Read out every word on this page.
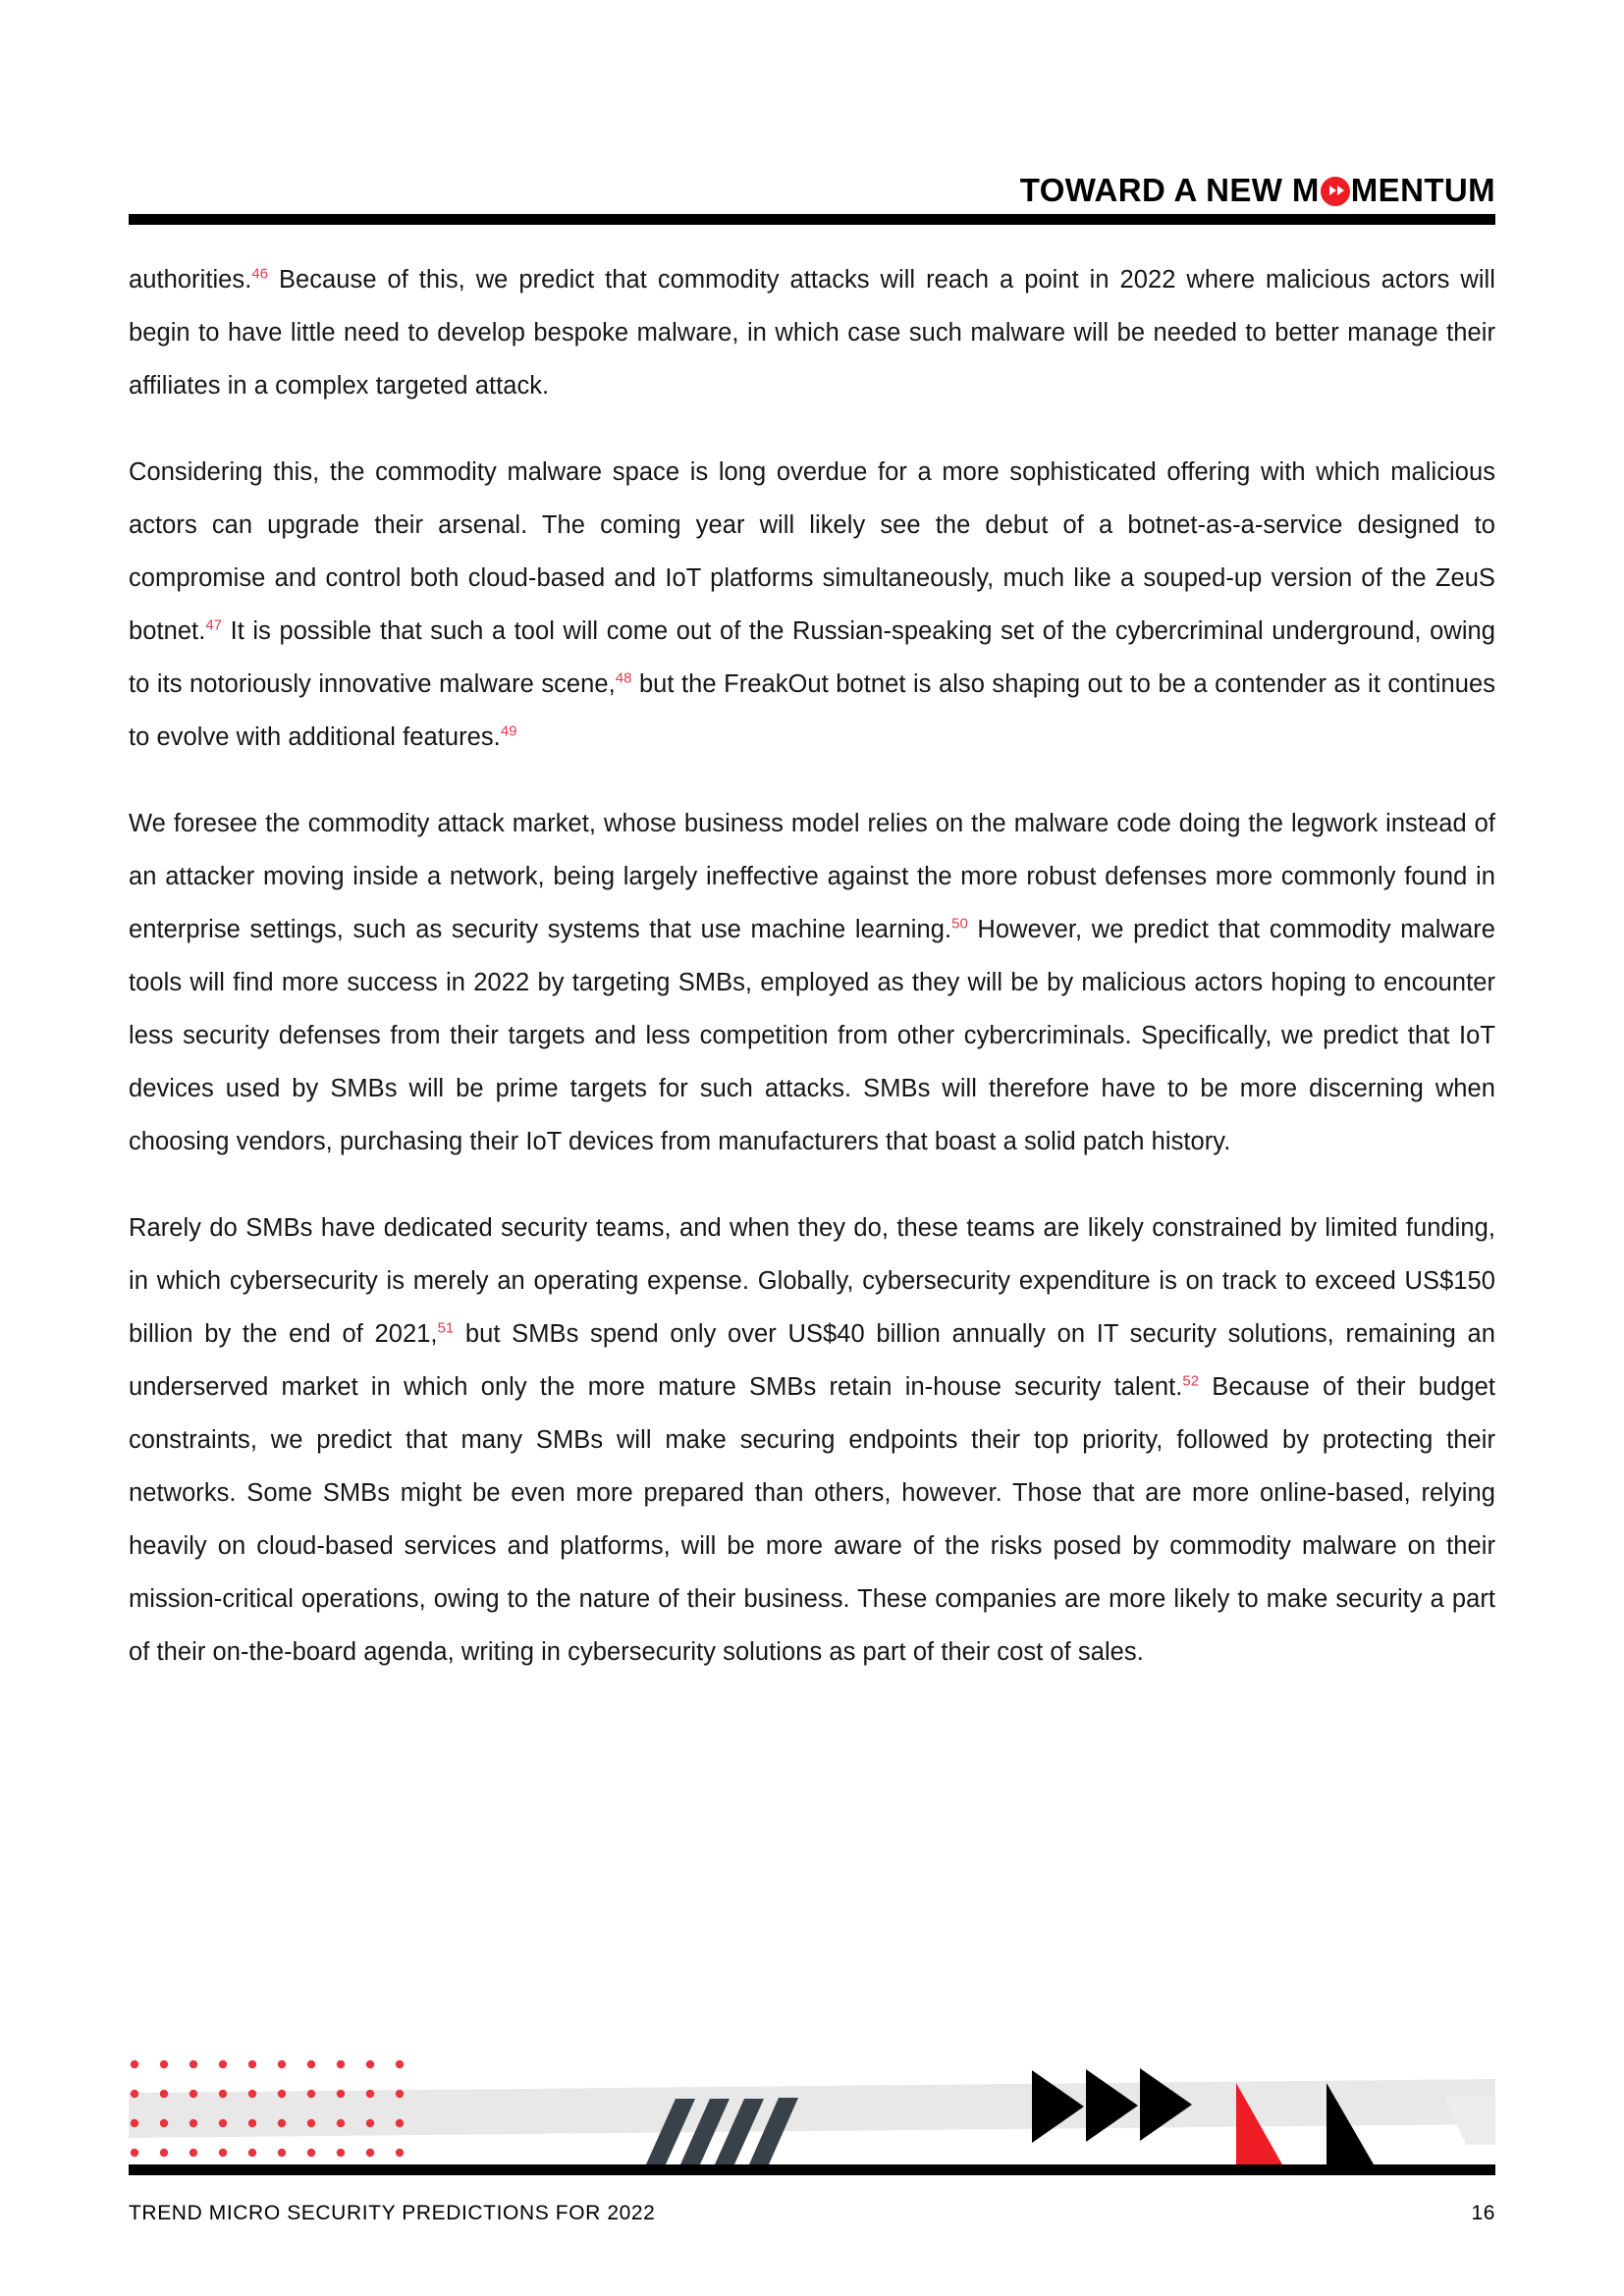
TOWARD A NEW M MENTUM

authorities.$^{46}$ Because of this, we predict that commodity attacks will reach a point in 2022 where malicious actors will begin to have little need to develop bespoke malware, in which case such malware will be needed to better manage their affiliates in a complex targeted attack.

Considering this, the commodity malware space is long overdue for a more sophisticated offering with which malicious actors can upgrade their arsenal. The coming year will likely see the debut of a botnet-as-a-service designed to compromise and control both cloud-based and IoT platforms simultaneously, much like a souped-up version of the ZeuS botnet.$^{47}$ It is possible that such a tool will come out of the Russian-speaking set of the cybercriminal underground, owing to its notoriously innovative malware scene,$^{48}$ but the FreakOut botnet is also shaping out to be a contender as it continues to evolve with additional features.$^{49}$

We foresee the commodity attack market, whose business model relies on the malware code doing the legwork instead of an attacker moving inside a network, being largely ineffective against the more robust defenses more commonly found in enterprise settings, such as security systems that use machine learning.$^{50}$ However, we predict that commodity malware tools will find more success in 2022 by targeting SMBs, employed as they will be by malicious actors hoping to encounter less security defenses from their targets and less competition from other cybercriminals. Specifically, we predict that IoT devices used by SMBs will be prime targets for such attacks. SMBs will therefore have to be more discerning when choosing vendors, purchasing their IoT devices from manufacturers that boast a solid patch history.

Rarely do SMBs have dedicated security teams, and when they do, these teams are likely constrained by limited funding, in which cybersecurity is merely an operating expense. Globally, cybersecurity expenditure is on track to exceed US$150 billion by the end of 2021,51 but SMBs spend only over US$40 billion annually on IT security solutions, remaining an underserved market in which only the more mature SMBs retain in-house security talent.$^{52}$ Because of their budget constraints, we predict that many SMBs will make securing endpoints their top priority, followed by protecting their networks. Some SMBs might be even more prepared than others, however. Those that are more online-based, relying heavily on cloud-based services and platforms, will be more aware of the risks posed by commodity malware on their mission-critical operations, owing to the nature of their business. These companies are more likely to make security a part of their on-the-board agenda, writing in cybersecurity solutions as part of their cost of sales.

TREND MICRO SECURITY PREDICTIONS FOR 2022	16
